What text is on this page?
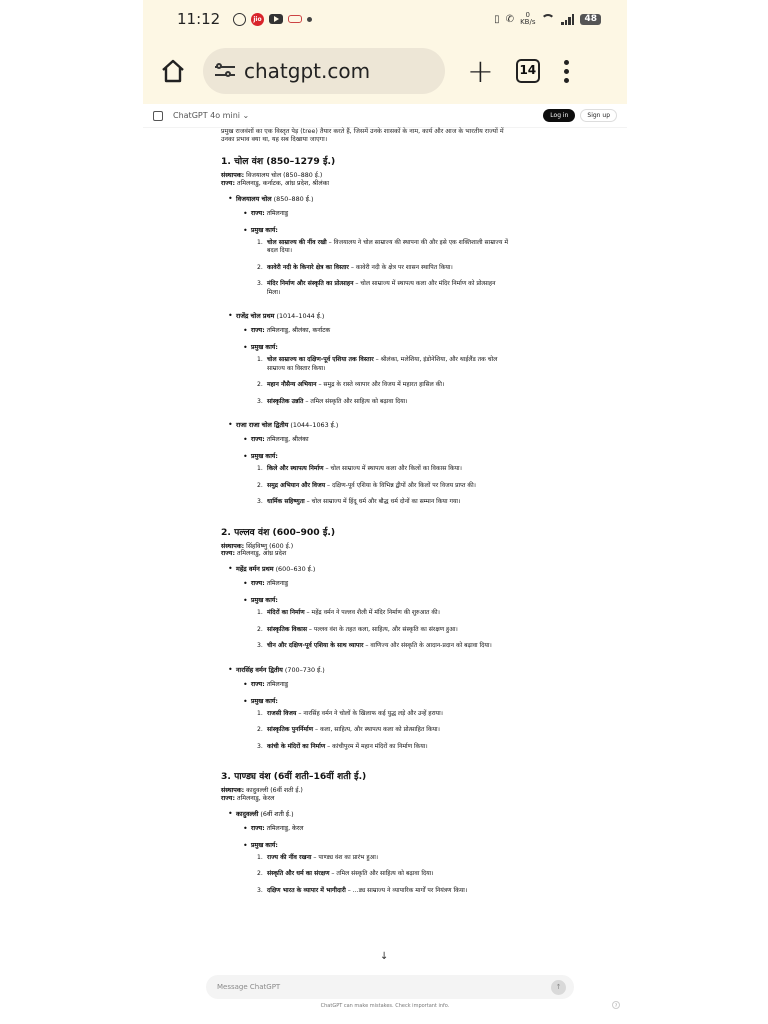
11:12	jio	▯ ✆	0
KB/s	48
chatgpt.com	+	14
ChatGPT 4o mini ⌄	Log in	Sign up
प्रमुख राजवंशों का एक विस्तृत पेड़ (tree) तैयार करते हैं, जिसमें उनके शासकों के नाम, कार्य और आज के भारतीय राज्यों में
उनका प्रभाव क्या था, यह सब दिखाया जाएगा।
1. चोल वंश (850–1279 ई.)
संस्थापक: विजयालय चोल (850–880 ई.)
राज्य: तमिलनाडु, कर्नाटक, आंध्र प्रदेश, श्रीलंका
• विजयालय चोल (850–880 ई.)
• राज्य: तमिलनाडु
• प्रमुख कार्य:
1. चोल साम्राज्य की नींव रखी – विजयालय ने चोल साम्राज्य की स्थापना की और इसे एक शक्तिशाली साम्राज्य में
बदल दिया।
2. कावेरी नदी के किनारे क्षेत्र का विस्तार – कावेरी नदी के क्षेत्र पर शासन स्थापित किया।
3. मंदिर निर्माण और संस्कृति का प्रोत्साहन – चोल साम्राज्य में स्थापत्य कला और मंदिर निर्माण को प्रोत्साहन
मिला।
• राजेंद्र चोल प्रथम (1014–1044 ई.)
• राज्य: तमिलनाडु, श्रीलंका, कर्नाटक
• प्रमुख कार्य:
1. चोल साम्राज्य का दक्षिण-पूर्व एशिया तक विस्तार – श्रीलंका, मलेशिया, इंडोनेशिया, और थाईलैंड तक चोल
साम्राज्य का विस्तार किया।
2. महान नौसैन्य अभियान – समुद्र के रास्ते व्यापार और विजय में महारत हासिल की।
3. सांस्कृतिक उन्नति – तमिल संस्कृति और साहित्य को बढ़ावा दिया।
• राजा राजा चोल द्वितीय (1044–1063 ई.)
• राज्य: तमिलनाडु, श्रीलंका
• प्रमुख कार्य:
1. किले और स्थापत्य निर्माण – चोल साम्राज्य में स्थापत्य कला और किलों का विकास किया।
2. समुद्र अभियान और विजय – दक्षिण-पूर्व एशिया के विभिन्न द्वीपों और किलों पर विजय प्राप्त की।
3. धार्मिक सहिष्णुता – चोल साम्राज्य में हिंदू धर्म और बौद्ध धर्म दोनों का सम्मान किया गया।
2. पल्लव वंश (600–900 ई.)
संस्थापक: सिंहविष्णु (600 ई.)
राज्य: तमिलनाडु, आंध्र प्रदेश
• महेंद्र वर्मन प्रथम (600–630 ई.)
• राज्य: तमिलनाडु
• प्रमुख कार्य:
1. मंदिरों का निर्माण – महेंद्र वर्मन ने पल्लव शैली में मंदिर निर्माण की शुरुआत की।
2. सांस्कृतिक विकास – पल्लव वंश के तहत कला, साहित्य, और संस्कृति का संरक्षण हुआ।
3. चीन और दक्षिण-पूर्व एशिया के साथ व्यापार – वाणिज्य और संस्कृति के आदान-प्रदान को बढ़ावा दिया।
• नारसिंह वर्मन द्वितीय (700–730 ई.)
• राज्य: तमिलनाडु
• प्रमुख कार्य:
1. राजसी विजय – नारसिंह वर्मन ने चोलों के खिलाफ कई युद्ध लड़े और उन्हें हराया।
2. सांस्कृतिक पुनर्निर्माण – कला, साहित्य, और स्थापत्य कला को प्रोत्साहित किया।
3. कांची के मंदिरों का निर्माण – कांचीपुरम में महान मंदिरों का निर्माण किया।
3. पाण्ड्य वंश (6वीं शती–16वीं शती ई.)
संस्थापक: कादुवल्ली (6वीं शती ई.)
राज्य: तमिलनाडु, केरल
• कादुवल्ली (6वीं शती ई.)
• राज्य: तमिलनाडु, केरल
• प्रमुख कार्य:
1. राज्य की नींव रखना – पाण्ड्य वंश का प्रारंभ हुआ।
2. संस्कृति और धर्म का संरक्षण – तमिल संस्कृति और साहित्य को बढ़ावा दिया।
3. दक्षिण भारत के व्यापार में भागीदारी – ...ड्य साम्राज्य ने व्यापारिक मार्गों पर नियंत्रण किया।
↓
Message ChatGPT	↑
ChatGPT can make mistakes. Check important info.	?
